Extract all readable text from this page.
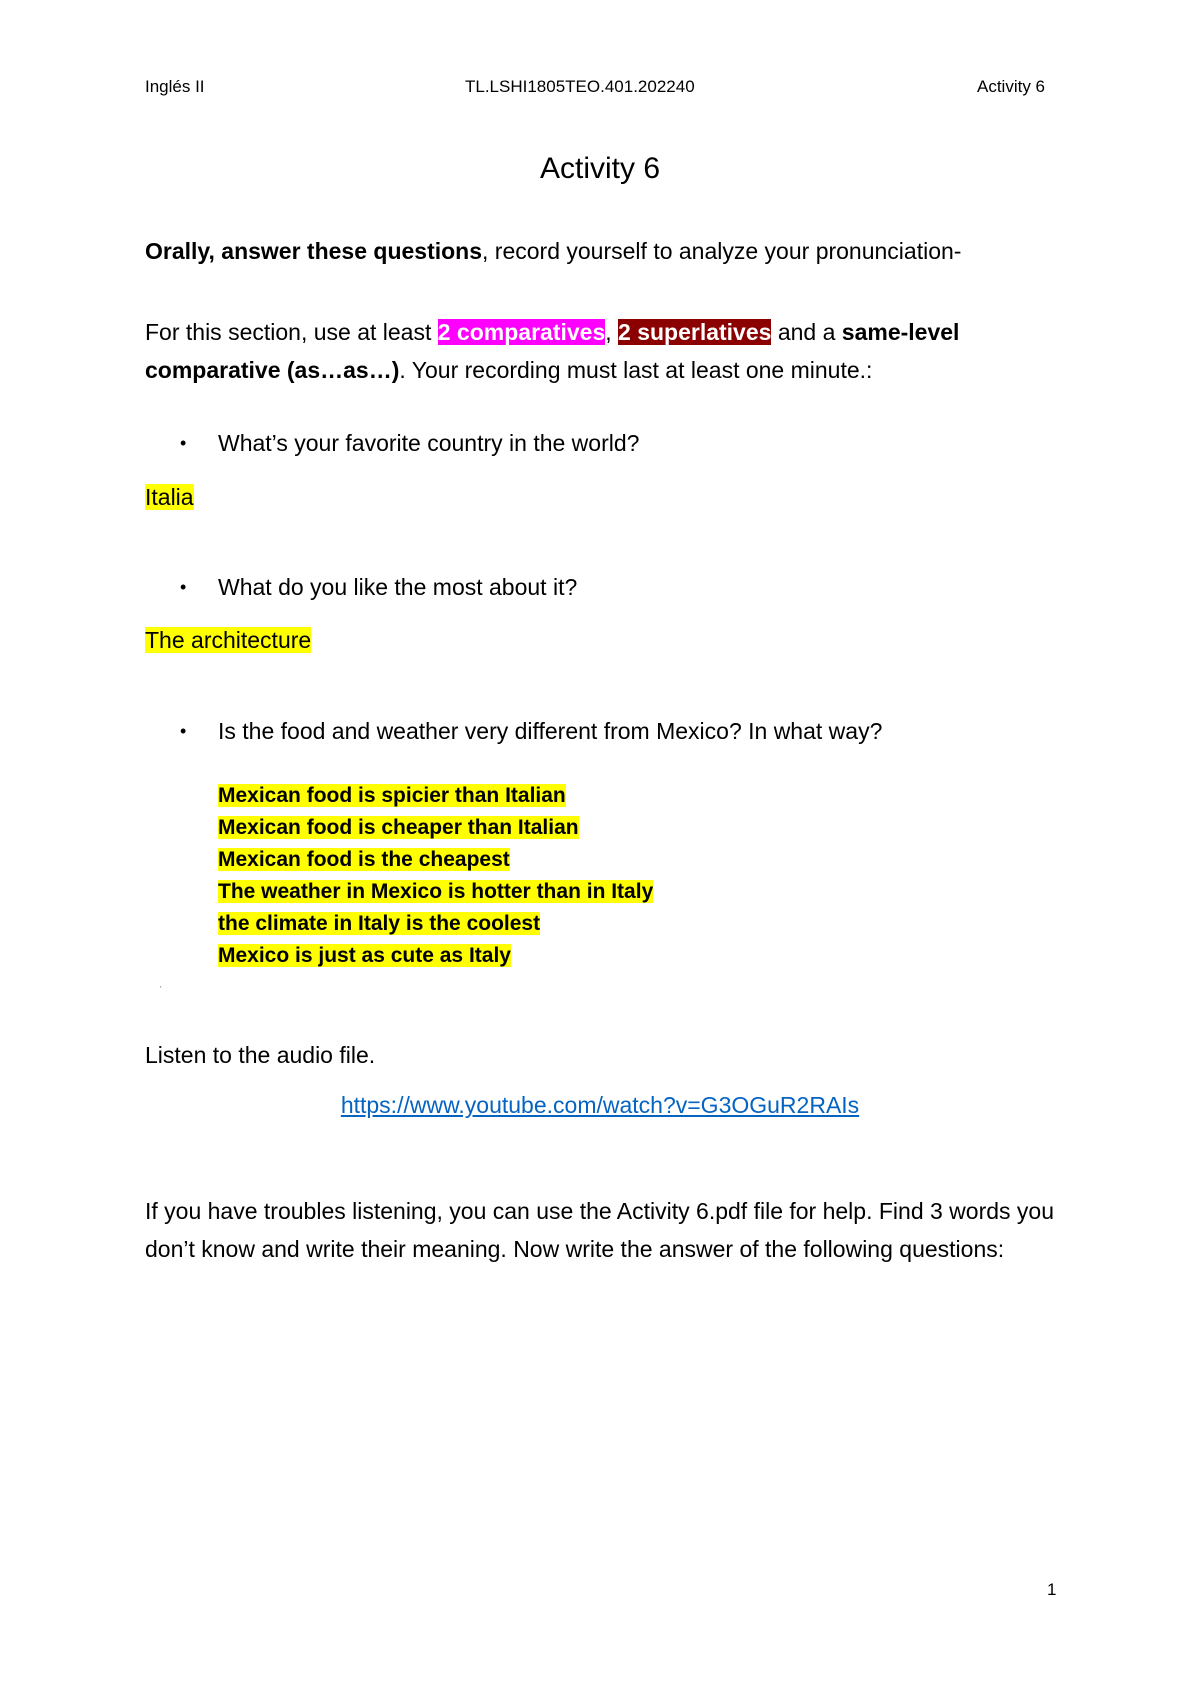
Inglés II	TL.LSHI1805TEO.401.202240	Activity 6
Activity 6
Orally, answer these questions, record yourself to analyze your pronunciation-
For this section, use at least 2 comparatives, 2 superlatives and a same-level comparative (as…as…). Your recording must last at least one minute.:
• What’s your favorite country in the world?
Italia
• What do you like the most about it?
The architecture
• Is the food and weather very different from Mexico? In what way?
Mexican food is spicier than Italian
Mexican food is cheaper than Italian
Mexican food is the cheapest
The weather in Mexico is hotter than in Italy
the climate in Italy is the coolest
Mexico is just as cute as Italy
'
Listen to the audio file.
https://www.youtube.com/watch?v=G3OGuR2RAIs
If you have troubles listening, you can use the Activity 6.pdf file for help. Find 3 words you don’t know and write their meaning. Now write the answer of the following questions:
1
